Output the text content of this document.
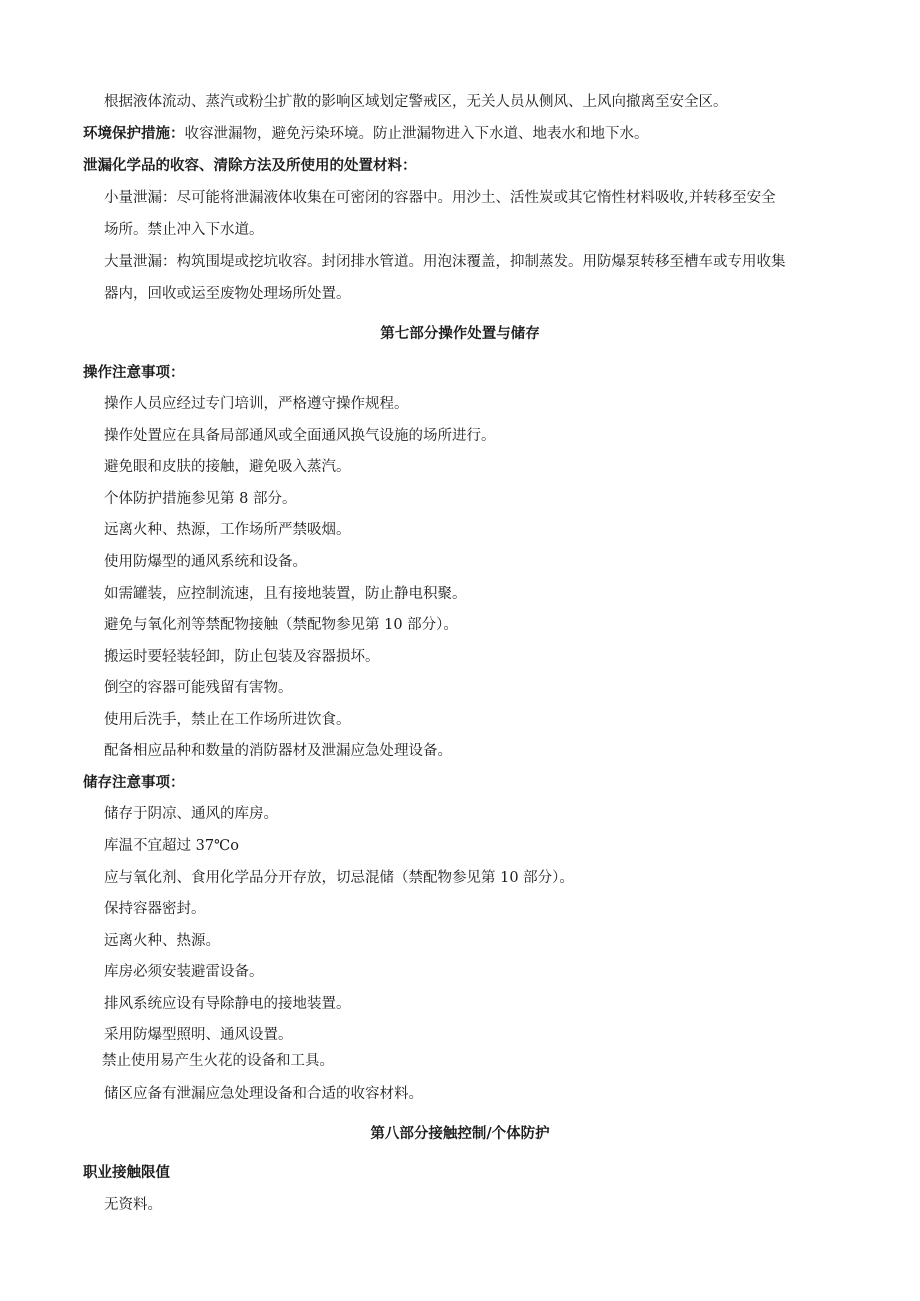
根据液体流动、蒸汽或粉尘扩散的影响区域划定警戒区，无关人员从侧风、上风向撤离至安全区。
环境保护措施：收容泄漏物，避免污染环境。防止泄漏物进入下水道、地表水和地下水。
泄漏化学品的收容、清除方法及所使用的处置材料：
小量泄漏：尽可能将泄漏液体收集在可密闭的容器中。用沙土、活性炭或其它惰性材料吸收,并转移至安全
场所。禁止冲入下水道。
大量泄漏：构筑围堤或挖坑收容。封闭排水管道。用泡沫覆盖，抑制蒸发。用防爆泵转移至槽车或专用收集
器内，回收或运至废物处理场所处置。
第七部分操作处置与储存
操作注意事项：
操作人员应经过专门培训，严格遵守操作规程。
操作处置应在具备局部通风或全面通风换气设施的场所进行。
避免眼和皮肤的接触，避免吸入蒸汽。
个体防护措施参见第 8 部分。
远离火种、热源，工作场所严禁吸烟。
使用防爆型的通风系统和设备。
如需罐装，应控制流速，且有接地装置，防止静电积聚。
避免与氧化剂等禁配物接触（禁配物参见第 10 部分）。
搬运时要轻装轻卸，防止包装及容器损坏。
倒空的容器可能残留有害物。
使用后洗手，禁止在工作场所进饮食。
配备相应品种和数量的消防器材及泄漏应急处理设备。
储存注意事项：
储存于阴凉、通风的库房。
库温不宜超过 37℃o
应与氧化剂、食用化学品分开存放，切忌混储（禁配物参见第 10 部分）。
保持容器密封。
远离火种、热源。
库房必须安装避雷设备。
排风系统应设有导除静电的接地装置。
采用防爆型照明、通风设置。
禁止使用易产生火花的设备和工具。
储区应备有泄漏应急处理设备和合适的收容材料。
第八部分接触控制/个体防护
职业接触限值
无资料。
